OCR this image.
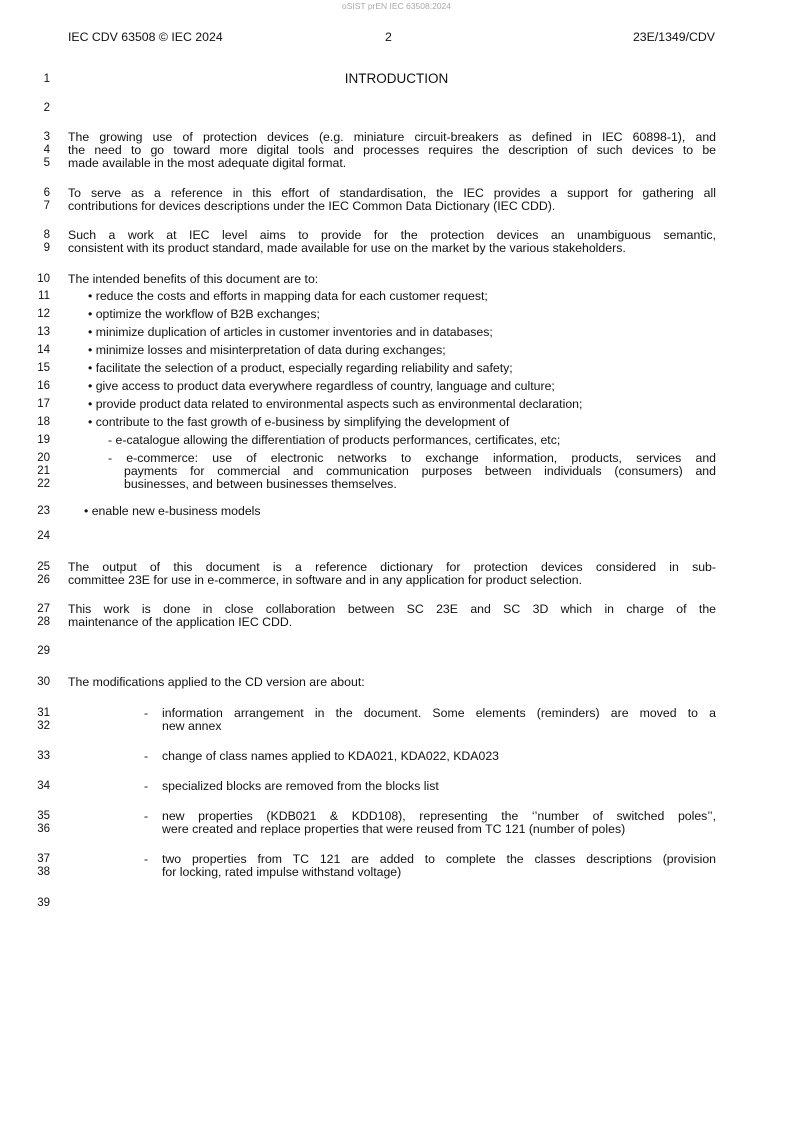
oSIST prEN IEC 63508:2024
IEC CDV 63508 © IEC 2024	2	23E/1349/CDV
1	INTRODUCTION
2
3 The growing use of protection devices (e.g. miniature circuit-breakers as defined in IEC 60898-1), and
4 the need to go toward more digital tools and processes requires the description of such devices to be
5 made available in the most adequate digital format.
6 To serve as a reference in this effort of standardisation, the IEC provides a support for gathering all
7 contributions for devices descriptions under the IEC Common Data Dictionary (IEC CDD).
8 Such a work at IEC level aims to provide for the protection devices an unambiguous semantic,
9 consistent with its product standard, made available for use on the market by the various stakeholders.
10 The intended benefits of this document are to:
11	• reduce the costs and efforts in mapping data for each customer request;
12	• optimize the workflow of B2B exchanges;
13	• minimize duplication of articles in customer inventories and in databases;
14	• minimize losses and misinterpretation of data during exchanges;
15	• facilitate the selection of a product, especially regarding reliability and safety;
16	• give access to product data everywhere regardless of country, language and culture;
17	• provide product data related to environmental aspects such as environmental declaration;
18	• contribute to the fast growth of e-business by simplifying the development of
19	- e-catalogue allowing the differentiation of products performances, certificates, etc;
20	- e-commerce: use of electronic networks to exchange information, products, services and
21	payments for commercial and communication purposes between individuals (consumers) and
22	businesses, and between businesses themselves.
23	• enable new e-business models
24
25 The output of this document is a reference dictionary for protection devices considered in sub-
26 committee 23E for use in e-commerce, in software and in any application for product selection.
27 This work is done in close collaboration between SC 23E and SC 3D which in charge of the
28 maintenance of the application IEC CDD.
29
30 The modifications applied to the CD version are about:
31	information arrangement in the document. Some elements (reminders) are moved to a
-
32	new annex
33	change of class names applied to KDA021, KDA022, KDA023
-
34	specialized blocks are removed from the blocks list
-
35	new properties (KDB021 & KDD108), representing the ‘’number of switched poles’’,
-
36	were created and replace properties that were reused from TC 121 (number of poles)
37	two properties from TC 121 are added to complete the classes descriptions (provision
-
38	for locking, rated impulse withstand voltage)
39
